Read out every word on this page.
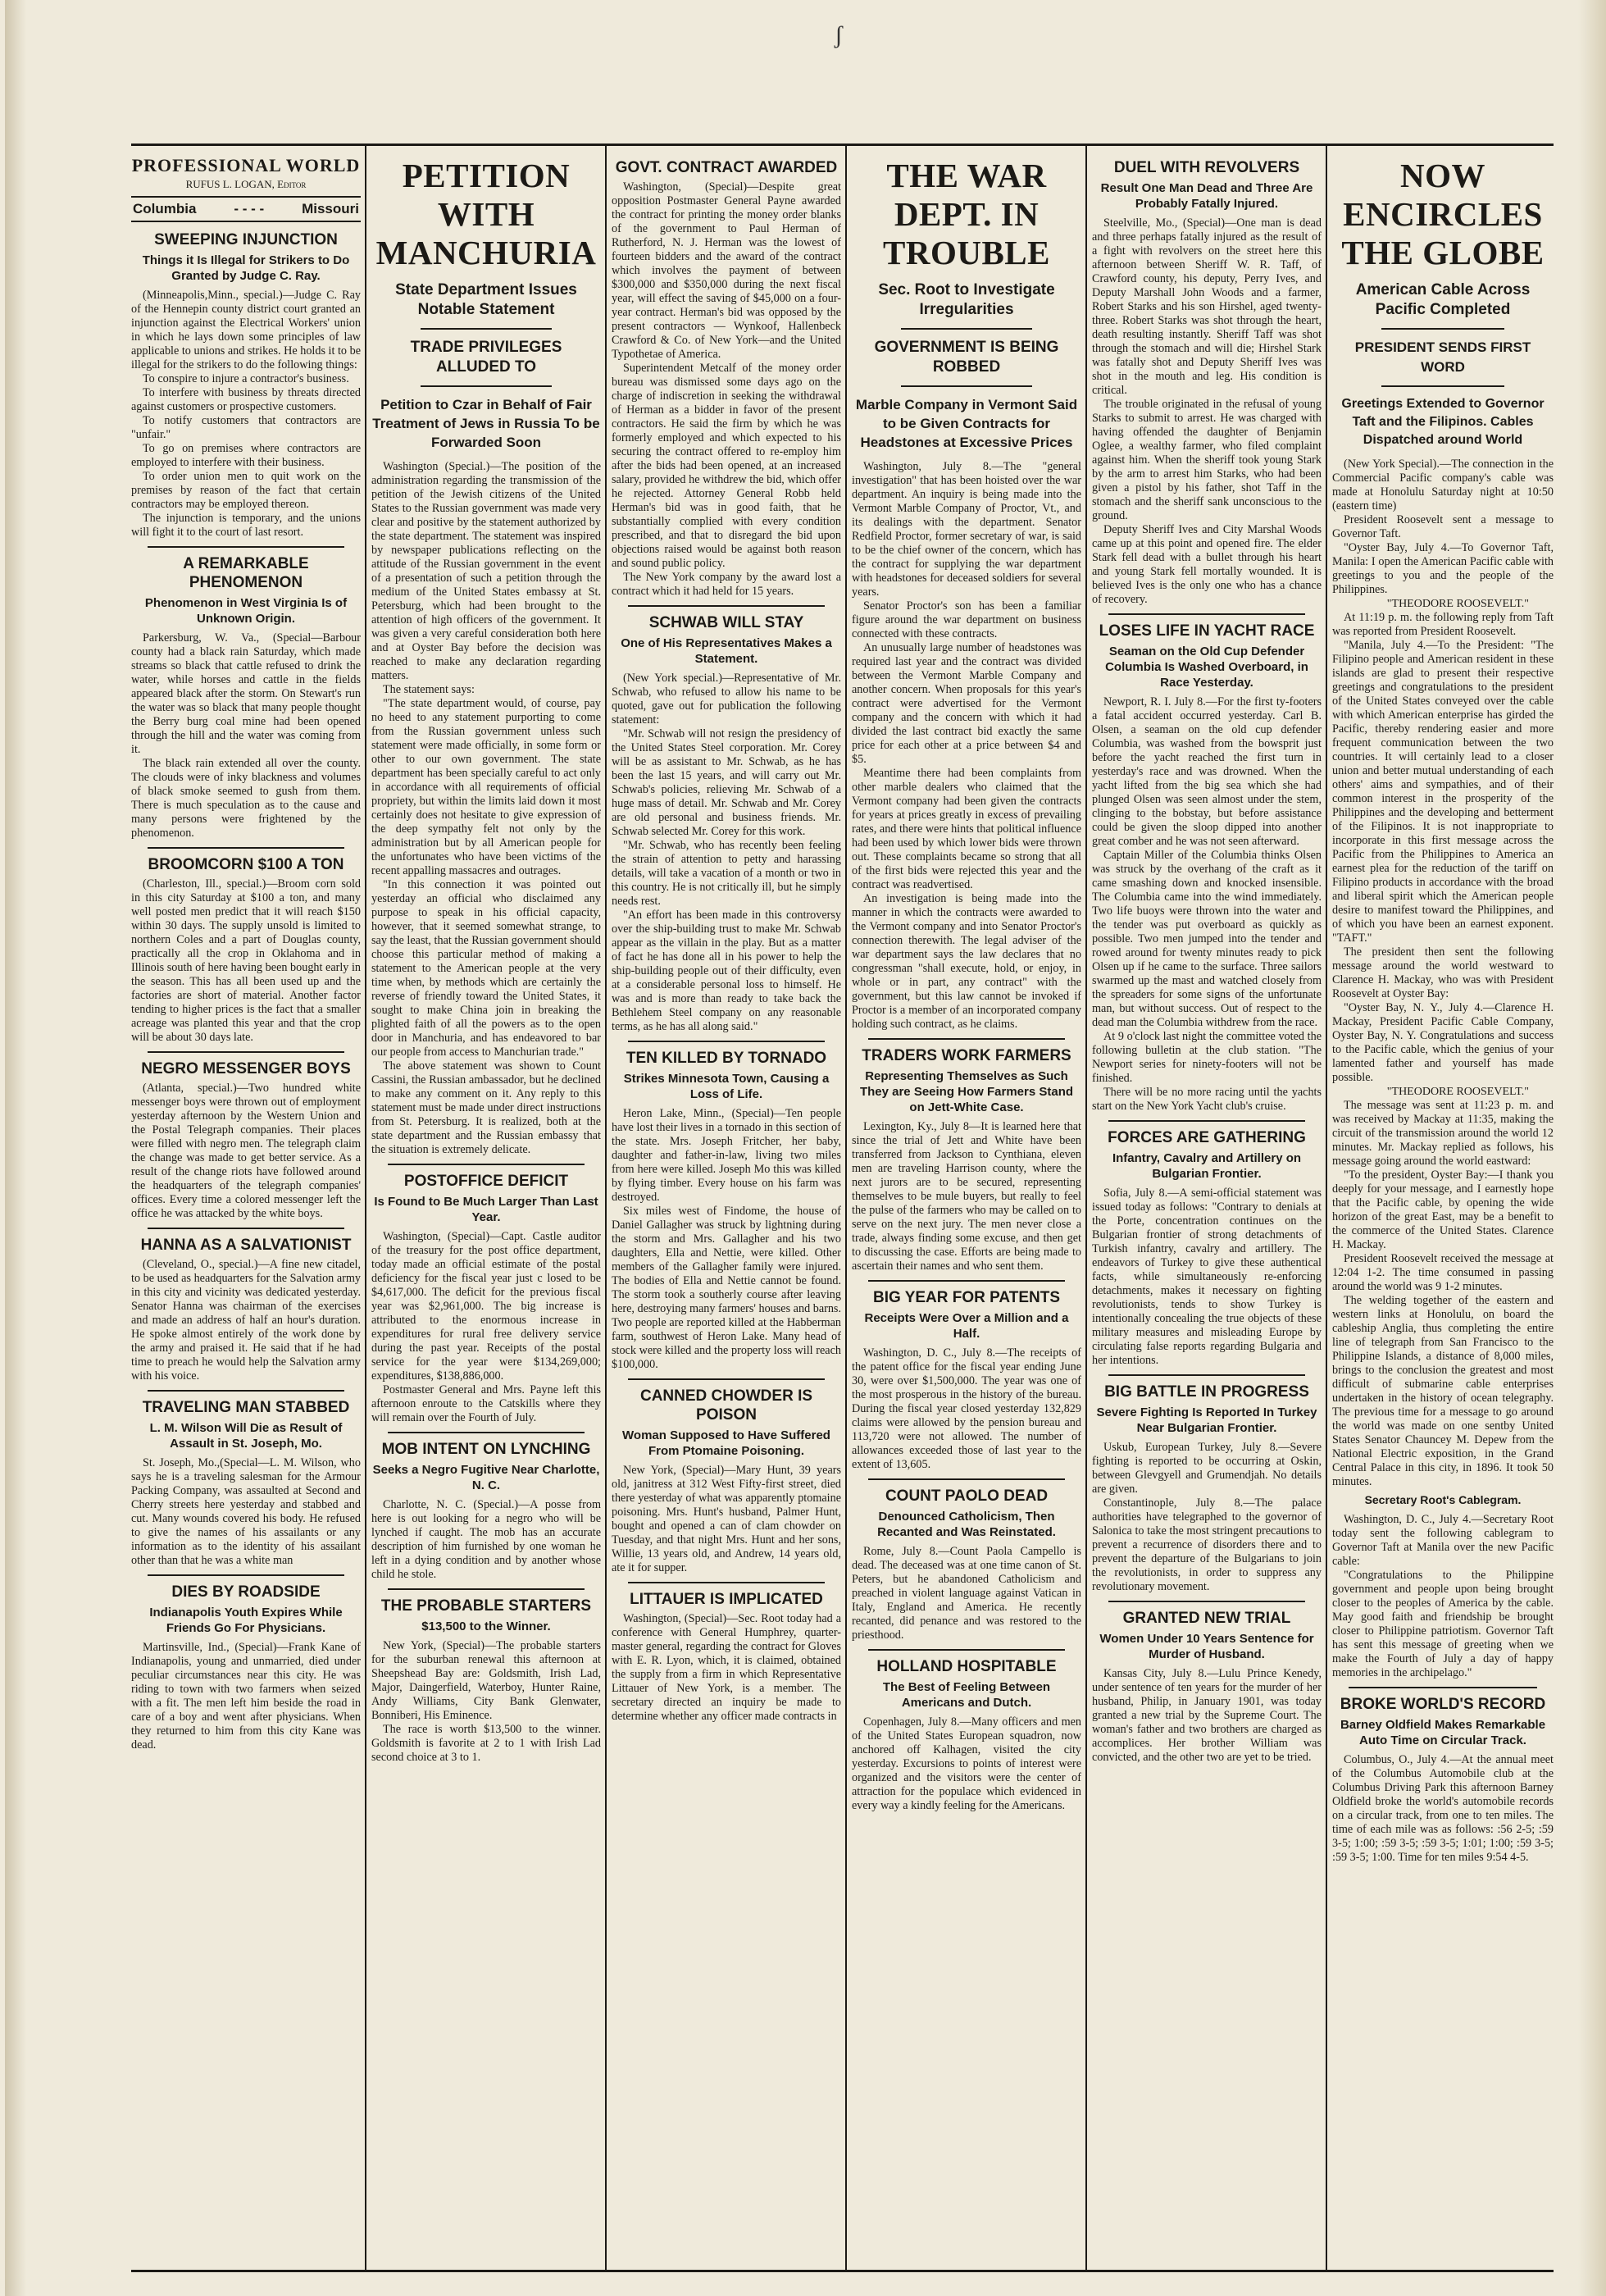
ʃ
PROFESSIONAL WORLD
RUFUS L. LOGAN, Editor
Columbia	- - - -	Missouri
SWEEPING INJUNCTION
Things it Is Illegal for Strikers to Do Granted by Judge C. Ray.

(Minneapolis,Minn., special.)—Judge C. Ray of the Hennepin county district court granted an injunction against the Electrical Workers' union in which he lays down some principles of law applicable to unions and strikes. He holds it to be illegal for the strikers to do the following things:

To conspire to injure a contractor's business.

To interfere with business by threats directed against customers or prospective customers.

To notify customers that contractors are "unfair."

To go on premises where contractors are employed to interfere with their business.

To order union men to quit work on the premises by reason of the fact that certain contractors may be employed thereon.

The injunction is temporary, and the unions will fight it to the court of last resort.

A REMARKABLE PHENOMENON
Phenomenon in West Virginia Is of Unknown Origin.

Parkersburg, W. Va., (Special—Barbour county had a black rain Saturday, which made streams so black that cattle refused to drink the water, while horses and cattle in the fields appeared black after the storm. On Stewart's run the water was so black that many people thought the Berry burg coal mine had been opened through the hill and the water was coming from it.

The black rain extended all over the county. The clouds were of inky blackness and volumes of black smoke seemed to gush from them. There is much speculation as to the cause and many persons were frightened by the phenomenon.

BROOMCORN $100 A TON

(Charleston, Ill., special.)—Broom corn sold in this city Saturday at $100 a ton, and many well posted men predict that it will reach $150 within 30 days. The supply unsold is limited to northern Coles and a part of Douglas county, practically all the crop in Oklahoma and in Illinois south of here having been bought early in the season. This has all been used up and the factories are short of material. Another factor tending to higher prices is the fact that a smaller acreage was planted this year and that the crop will be about 30 days late.

NEGRO MESSENGER BOYS

(Atlanta, special.)—Two hundred white messenger boys were thrown out of employment yesterday afternoon by the Western Union and the Postal Telegraph companies. Their places were filled with negro men. The telegraph claim the change was made to get better service. As a result of the change riots have followed around the headquarters of the telegraph companies' offices. Every time a colored messenger left the office he was attacked by the white boys.

HANNA AS A SALVATIONIST

(Cleveland, O., special.)—A fine new citadel, to be used as headquarters for the Salvation army in this city and vicinity was dedicated yesterday. Senator Hanna was chairman of the exercises and made an address of half an hour's duration. He spoke almost entirely of the work done by the army and praised it. He said that if he had time to preach he would help the Salvation army with his voice.

TRAVELING MAN STABBED
L. M. Wilson Will Die as Result of Assault in St. Joseph, Mo.

St. Joseph, Mo.,(Special—L. M. Wilson, who says he is a traveling salesman for the Armour Packing Company, was assaulted at Second and Cherry streets here yesterday and stabbed and cut. Many wounds covered his body. He refused to give the names of his assailants or any information as to the identity of his assailant other than that he was a white man

DIES BY ROADSIDE
Indianapolis Youth Expires While Friends Go For Physicians.

Martinsville, Ind., (Special)—Frank Kane of Indianapolis, young and unmarried, died under peculiar circumstances near this city. He was riding to town with two farmers when seized with a fit. The men left him beside the road in care of a boy and went after physicians. When they returned to him from this city Kane was dead.

PETITION WITH MANCHURIA
State Department Issues Notable Statement
TRADE PRIVILEGES ALLUDED TO
Petition to Czar in Behalf of Fair Treatment of Jews in Russia To be Forwarded Soon

Washington (Special.)—The position of the administration regarding the transmission of the petition of the Jewish citizens of the United States to the Russian government was made very clear and positive by the statement authorized by the state department. The statement was inspired by newspaper publications reflecting on the attitude of the Russian government in the event of a presentation of such a petition through the medium of the United States embassy at St. Petersburg, which had been brought to the attention of high officers of the government. It was given a very careful consideration both here and at Oyster Bay before the decision was reached to make any declaration regarding matters.

The statement says:

"The state department would, of course, pay no heed to any statement purporting to come from the Russian government unless such statement were made officially, in some form or other to our own government. The state department has been specially careful to act only in accordance with all requirements of official propriety, but within the limits laid down it most certainly does not hesitate to give expression of the deep sympathy felt not only by the administration but by all American people for the unfortunates who have been victims of the recent appalling massacres and outrages.

"In this connection it was pointed out yesterday an official who disclaimed any purpose to speak in his official capacity, however, that it seemed somewhat strange, to say the least, that the Russian government should choose this particular method of making a statement to the American people at the very time when, by methods which are certainly the reverse of friendly toward the United States, it sought to make China join in breaking the plighted faith of all the powers as to the open door in Manchuria, and has endeavored to bar our people from access to Manchurian trade."

The above statement was shown to Count Cassini, the Russian ambassador, but he declined to make any comment on it. Any reply to this statement must be made under direct instructions from St. Petersburg. It is realized, both at the state department and the Russian embassy that the situation is extremely delicate.

POSTOFFICE DEFICIT
Is Found to Be Much Larger Than Last Year.

Washington, (Special)—Capt. Castle auditor of the treasury for the post office department, today made an official estimate of the postal deficiency for the fiscal year just c losed to be $4,617,000. The deficit for the previous fiscal year was $2,961,000. The big increase is attributed to the enormous increase in expenditures for rural free delivery service during the past year. Receipts of the postal service for the year were $134,269,000; expenditures, $138,886,000.

Postmaster General and Mrs. Payne left this afternoon enroute to the Catskills where they will remain over the Fourth of July.

MOB INTENT ON LYNCHING
Seeks a Negro Fugitive Near Charlotte, N. C.

Charlotte, N. C. (Special.)—A posse from here is out looking for a negro who will be lynched if caught. The mob has an accurate description of him furnished by one woman he left in a dying condition and by another whose child he stole.

THE PROBABLE STARTERS
$13,500 to the Winner.

New York, (Special)—The probable starters for the suburban renewal this afternoon at Sheepshead Bay are: Goldsmith, Irish Lad, Major, Daingerfield, Waterboy, Hunter Raine, Andy Williams, City Bank Glenwater, Bonniberi, His Eminence.

The race is worth $13,500 to the winner. Goldsmith is favorite at 2 to 1 with Irish Lad second choice at 3 to 1.

GOVT. CONTRACT AWARDED

Washington, (Special)—Despite great opposition Postmaster General Payne awarded the contract for printing the money order blanks of the government to Paul Herman of Rutherford, N. J. Herman was the lowest of fourteen bidders and the award of the contract which involves the payment of between $300,000 and $350,000 during the next fiscal year, will effect the saving of $45,000 on a four-year contract. Herman's bid was opposed by the present contractors — Wynkoof, Hallenbeck Crawford & Co. of New York—and the United Typothetae of America.

Superintendent Metcalf of the money order bureau was dismissed some days ago on the charge of indiscretion in seeking the withdrawal of Herman as a bidder in favor of the present contractors. He said the firm by which he was formerly employed and which expected to his securing the contract offered to re-employ him after the bids had been opened, at an increased salary, provided he withdrew the bid, which offer he rejected. Attorney General Robb held Herman's bid was in good faith, that he substantially complied with every condition prescribed, and that to disregard the bid upon objections raised would be against both reason and sound public policy.

The New York company by the award lost a contract which it had held for 15 years.

SCHWAB WILL STAY
One of His Representatives Makes a Statement.

(New York special.)—Representative of Mr. Schwab, who refused to allow his name to be quoted, gave out for publication the following statement:

"Mr. Schwab will not resign the presidency of the United States Steel corporation. Mr. Corey will be as assistant to Mr. Schwab, as he has been the last 15 years, and will carry out Mr. Schwab's policies, relieving Mr. Schwab of a huge mass of detail. Mr. Schwab and Mr. Corey are old personal and business friends. Mr. Schwab selected Mr. Corey for this work.

"Mr. Schwab, who has recently been feeling the strain of attention to petty and harassing details, will take a vacation of a month or two in this country. He is not critically ill, but he simply needs rest.

"An effort has been made in this controversy over the ship-building trust to make Mr. Schwab appear as the villain in the play. But as a matter of fact he has done all in his power to help the ship-building people out of their difficulty, even at a considerable personal loss to himself. He was and is more than ready to take back the Bethlehem Steel company on any reasonable terms, as he has all along said."

TEN KILLED BY TORNADO
Strikes Minnesota Town, Causing a Loss of Life.

Heron Lake, Minn., (Special)—Ten people have lost their lives in a tornado in this section of the state. Mrs. Joseph Fritcher, her baby, daughter and father-in-law, living two miles from here were killed. Joseph Mo this was killed by flying timber. Every house on his farm was destroyed.

Six miles west of Findome, the house of Daniel Gallagher was struck by lightning during the storm and Mrs. Gallagher and his two daughters, Ella and Nettie, were killed. Other members of the Gallagher family were injured. The bodies of Ella and Nettie cannot be found. The storm took a southerly course after leaving here, destroying many farmers' houses and barns. Two people are reported killed at the Habberman farm, southwest of Heron Lake. Many head of stock were killed and the property loss will reach $100,000.

CANNED CHOWDER IS POISON
Woman Supposed to Have Suffered From Ptomaine Poisoning.

New York, (Special)—Mary Hunt, 39 years old, janitress at 312 West Fifty-first street, died there yesterday of what was apparently ptomaine poisoning. Mrs. Hunt's husband, Palmer Hunt, bought and opened a can of clam chowder on Tuesday, and that night Mrs. Hunt and her sons, Willie, 13 years old, and Andrew, 14 years old, ate it for supper.

LITTAUER IS IMPLICATED

Washington, (Special)—Sec. Root today had a conference with General Humphrey, quarter-master general, regarding the contract for Gloves with E. R. Lyon, which, it is claimed, obtained the supply from a firm in which Representative Littauer of New York, is a member. The secretary directed an inquiry be made to determine whether any officer made contracts in

THE WAR DEPT. IN TROUBLE
Sec. Root to Investigate Irregularities
GOVERNMENT IS BEING ROBBED
Marble Company in Vermont Said to be Given Contracts for Headstones at Excessive Prices

Washington, July 8.—The "general investigation" that has been hoisted over the war department. An inquiry is being made into the Vermont Marble Company of Proctor, Vt., and its dealings with the department. Senator Redfield Proctor, former secretary of war, is said to be the chief owner of the concern, which has the contract for supplying the war department with headstones for deceased soldiers for several years.

Senator Proctor's son has been a familiar figure around the war department on business connected with these contracts.

An unusually large number of headstones was required last year and the contract was divided between the Vermont Marble Company and another concern. When proposals for this year's contract were advertised for the Vermont company and the concern with which it had divided the last contract bid exactly the same price for each other at a price between $4 and $5.

Meantime there had been complaints from other marble dealers who claimed that the Vermont company had been given the contracts for years at prices greatly in excess of prevailing rates, and there were hints that political influence had been used by which lower bids were thrown out. These complaints became so strong that all of the first bids were rejected this year and the contract was readvertised.

An investigation is being made into the manner in which the contracts were awarded to the Vermont company and into Senator Proctor's connection therewith. The legal adviser of the war department says the law declares that no congressman "shall execute, hold, or enjoy, in whole or in part, any contract" with the government, but this law cannot be invoked if Proctor is a member of an incorporated company holding such contract, as he claims.

TRADERS WORK FARMERS
Representing Themselves as Such They are Seeing How Farmers Stand on Jett-White Case.

Lexington, Ky., July 8—It is learned here that since the trial of Jett and White have been transferred from Jackson to Cynthiana, eleven men are traveling Harrison county, where the next jurors are to be secured, representing themselves to be mule buyers, but really to feel the pulse of the farmers who may be called on to serve on the next jury. The men never close a trade, always finding some excuse, and then get to discussing the case. Efforts are being made to ascertain their names and who sent them.

BIG YEAR FOR PATENTS
Receipts Were Over a Million and a Half.

Washington, D. C., July 8.—The receipts of the patent office for the fiscal year ending June 30, were over $1,500,000. The year was one of the most prosperous in the history of the bureau. During the fiscal year closed yesterday 132,829 claims were allowed by the pension bureau and 113,720 were not allowed. The number of allowances exceeded those of last year to the extent of 13,605.

COUNT PAOLO DEAD
Denounced Catholicism, Then Recanted and Was Reinstated.

Rome, July 8.—Count Paola Campello is dead. The deceased was at one time canon of St. Peters, but he abandoned Catholicism and preached in violent language against Vatican in Italy, England and America. He recently recanted, did penance and was restored to the priesthood.

HOLLAND HOSPITABLE
The Best of Feeling Between Americans and Dutch.

Copenhagen, July 8.—Many officers and men of the United States European squadron, now anchored off Kalhagen, visited the city yesterday. Excursions to points of interest were organized and the visitors were the center of attraction for the populace which evidenced in every way a kindly feeling for the Americans.

DUEL WITH REVOLVERS
Result One Man Dead and Three Are Probably Fatally Injured.

Steelville, Mo., (Special)—One man is dead and three perhaps fatally injured as the result of a fight with revolvers on the street here this afternoon between Sheriff W. R. Taff, of Crawford county, his deputy, Perry Ives, and Deputy Marshall John Woods and a farmer, Robert Starks and his son Hirshel, aged twenty-three. Robert Starks was shot through the heart, death resulting instantly. Sheriff Taff was shot through the stomach and will die; Hirshel Stark was fatally shot and Deputy Sheriff Ives was shot in the mouth and leg. His condition is critical.

The trouble originated in the refusal of young Starks to submit to arrest. He was charged with having offended the daughter of Benjamin Oglee, a wealthy farmer, who filed complaint against him. When the sheriff took young Stark by the arm to arrest him Starks, who had been given a pistol by his father, shot Taff in the stomach and the sheriff sank unconscious to the ground.

Deputy Sheriff Ives and City Marshal Woods came up at this point and opened fire. The elder Stark fell dead with a bullet through his heart and young Stark fell mortally wounded. It is believed Ives is the only one who has a chance of recovery.

LOSES LIFE IN YACHT RACE
Seaman on the Old Cup Defender Columbia Is Washed Overboard, in Race Yesterday.

Newport, R. I. July 8.—For the first ty-footers a fatal accident occurred yesterday. Carl B. Olsen, a seaman on the old cup defender Columbia, was washed from the bowsprit just before the yacht reached the first turn in yesterday's race and was drowned. When the yacht lifted from the big sea which she had plunged Olsen was seen almost under the stem, clinging to the bobstay, but before assistance could be given the sloop dipped into another great comber and he was not seen afterward.

Captain Miller of the Columbia thinks Olsen was struck by the overhang of the craft as it came smashing down and knocked insensible. The Columbia came into the wind immediately. Two life buoys were thrown into the water and the tender was put overboard as quickly as possible. Two men jumped into the tender and rowed around for twenty minutes ready to pick Olsen up if he came to the surface. Three sailors swarmed up the mast and watched closely from the spreaders for some signs of the unfortunate man, but without success. Out of respect to the dead man the Columbia withdrew from the race.

At 9 o'clock last night the committee voted the following bulletin at the club station. "The Newport series for ninety-footers will not be finished.

There will be no more racing until the yachts start on the New York Yacht club's cruise.

FORCES ARE GATHERING
Infantry, Cavalry and Artillery on Bulgarian Frontier.

Sofia, July 8.—A semi-official statement was issued today as follows: "Contrary to denials at the Porte, concentration continues on the Bulgarian frontier of strong detachments of Turkish infantry, cavalry and artillery. The endeavors of Turkey to give these authentical facts, while simultaneously re-enforcing detachments, makes it necessary on fighting revolutionists, tends to show Turkey is intentionally concealing the true objects of these military measures and misleading Europe by circulating false reports regarding Bulgaria and her intentions.

BIG BATTLE IN PROGRESS
Severe Fighting Is Reported In Turkey Near Bulgarian Frontier.

Uskub, European Turkey, July 8.—Severe fighting is reported to be occurring at Oskin, between Glevgyell and Grumendjah. No details are given.

Constantinople, July 8.—The palace authorities have telegraphed to the governor of Salonica to take the most stringent precautions to prevent a recurrence of disorders there and to prevent the departure of the Bulgarians to join the revolutionists, in order to suppress any revolutionary movement.

GRANTED NEW TRIAL
Women Under 10 Years Sentence for Murder of Husband.

Kansas City, July 8.—Lulu Prince Kenedy, under sentence of ten years for the murder of her husband, Philip, in January 1901, was today granted a new trial by the Supreme Court. The woman's father and two brothers are charged as accomplices. Her brother William was convicted, and the other two are yet to be tried.

NOW ENCIRCLES THE GLOBE
American Cable Across Pacific Completed
PRESIDENT SENDS FIRST WORD
Greetings Extended to Governor Taft and the Filipinos. Cables Dispatched around World

(New York Special).—The connection in the Commercial Pacific company's cable was made at Honolulu Saturday night at 10:50 (eastern time)

President Roosevelt sent a message to Governor Taft.

"Oyster Bay, July 4.—To Governor Taft, Manila: I open the American Pacific cable with greetings to you and the people of the Philippines.

"THEODORE ROOSEVELT."

At 11:19 p. m. the following reply from Taft was reported from President Roosevelt.

"Manila, July 4.—To the President: "The Filipino people and American resident in these islands are glad to present their respective greetings and congratulations to the president of the United States conveyed over the cable with which American enterprise has girded the Pacific, thereby rendering easier and more frequent communication between the two countries. It will certainly lead to a closer union and better mutual understanding of each others' aims and sympathies, and of their common interest in the prosperity of the Philippines and the developing and betterment of the Filipinos. It is not inappropriate to incorporate in this first message across the Pacific from the Philippines to America an earnest plea for the reduction of the tariff on Filipino products in accordance with the broad and liberal spirit which the American people desire to manifest toward the Philippines, and of which you have been an earnest exponent. "TAFT."

The president then sent the following message around the world westward to Clarence H. Mackay, who was with President Roosevelt at Oyster Bay:

"Oyster Bay, N. Y., July 4.—Clarence H. Mackay, President Pacific Cable Company, Oyster Bay, N. Y. Congratulations and success to the Pacific cable, which the genius of your lamented father and yourself has made possible.

"THEODORE ROOSEVELT."

The message was sent at 11:23 p. m. and was received by Mackay at 11:35, making the circuit of the transmission around the world 12 minutes. Mr. Mackay replied as follows, his message going around the world eastward:

"To the president, Oyster Bay:—I thank you deeply for your message, and I earnestly hope that the Pacific cable, by opening the wide horizon of the great East, may be a benefit to the commerce of the United States. Clarence H. Mackay.

President Roosevelt received the message at 12:04 1-2. The time consumed in passing around the world was 9 1-2 minutes.

The welding together of the eastern and western links at Honolulu, on board the cableship Anglia, thus completing the entire line of telegraph from San Francisco to the Philippine Islands, a distance of 8,000 miles, brings to the conclusion the greatest and most difficult of submarine cable enterprises undertaken in the history of ocean telegraphy. The previous time for a message to go around the world was made on one sentby United States Senator Chauncey M. Depew from the National Electric exposition, in the Grand Central Palace in this city, in 1896. It took 50 minutes.

Secretary Root's Cablegram.

Washington, D. C., July 4.—Secretary Root today sent the following cablegram to Governor Taft at Manila over the new Pacific cable:

"Congratulations to the Philippine government and people upon being brought closer to the peoples of America by the cable. May good faith and friendship be brought closer to Philippine patriotism. Governor Taft has sent this message of greeting when we make the Fourth of July a day of happy memories in the archipelago."

BROKE WORLD'S RECORD
Barney Oldfield Makes Remarkable Auto Time on Circular Track.

Columbus, O., July 4.—At the annual meet of the Columbus Automobile club at the Columbus Driving Park this afternoon Barney Oldfield broke the world's automobile records on a circular track, from one to ten miles. The time of each mile was as follows: :56 2-5; :59 3-5; 1:00; :59 3-5; :59 3-5; 1:01; 1:00; :59 3-5; :59 3-5; 1:00. Time for ten miles 9:54 4-5.
